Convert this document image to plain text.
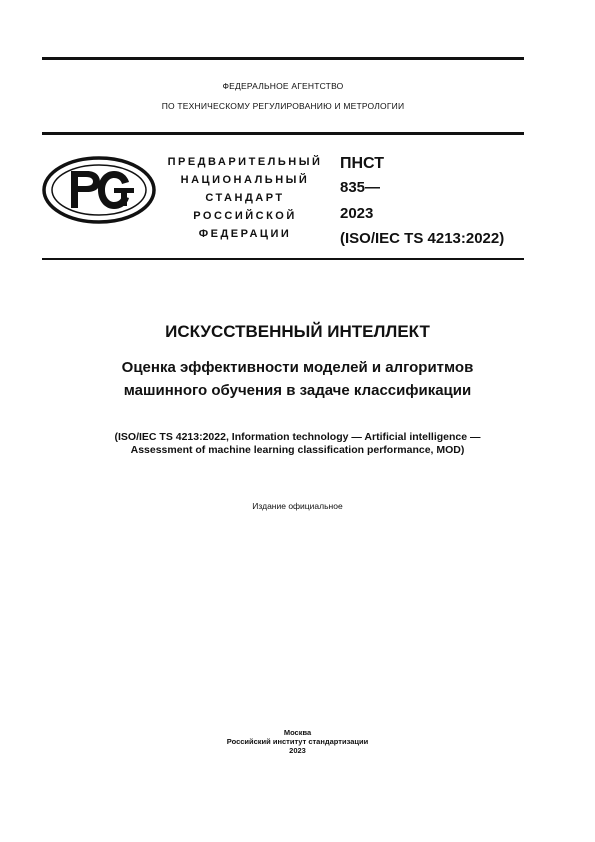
ФЕДЕРАЛЬНОЕ АГЕНТСТВО
ПО ТЕХНИЧЕСКОМУ РЕГУЛИРОВАНИЮ И МЕТРОЛОГИИ
ПРЕДВАРИТЕЛЬНЫЙ
НАЦИОНАЛЬНЫЙ
СТАНДАРТ
РОССИЙСКОЙ
ФЕДЕРАЦИИ
ПНСТ
835—
2023
(ISO/IEC TS 4213:2022)
ИСКУССТВЕННЫЙ ИНТЕЛЛЕКТ
Оценка эффективности моделей и алгоритмов
машинного обучения в задаче классификации
(ISO/IEC TS 4213:2022, Information technology — Artificial intelligence —
Assessment of machine learning classification performance, MOD)
Издание официальное
Москва
Российский институт стандартизации
2023
